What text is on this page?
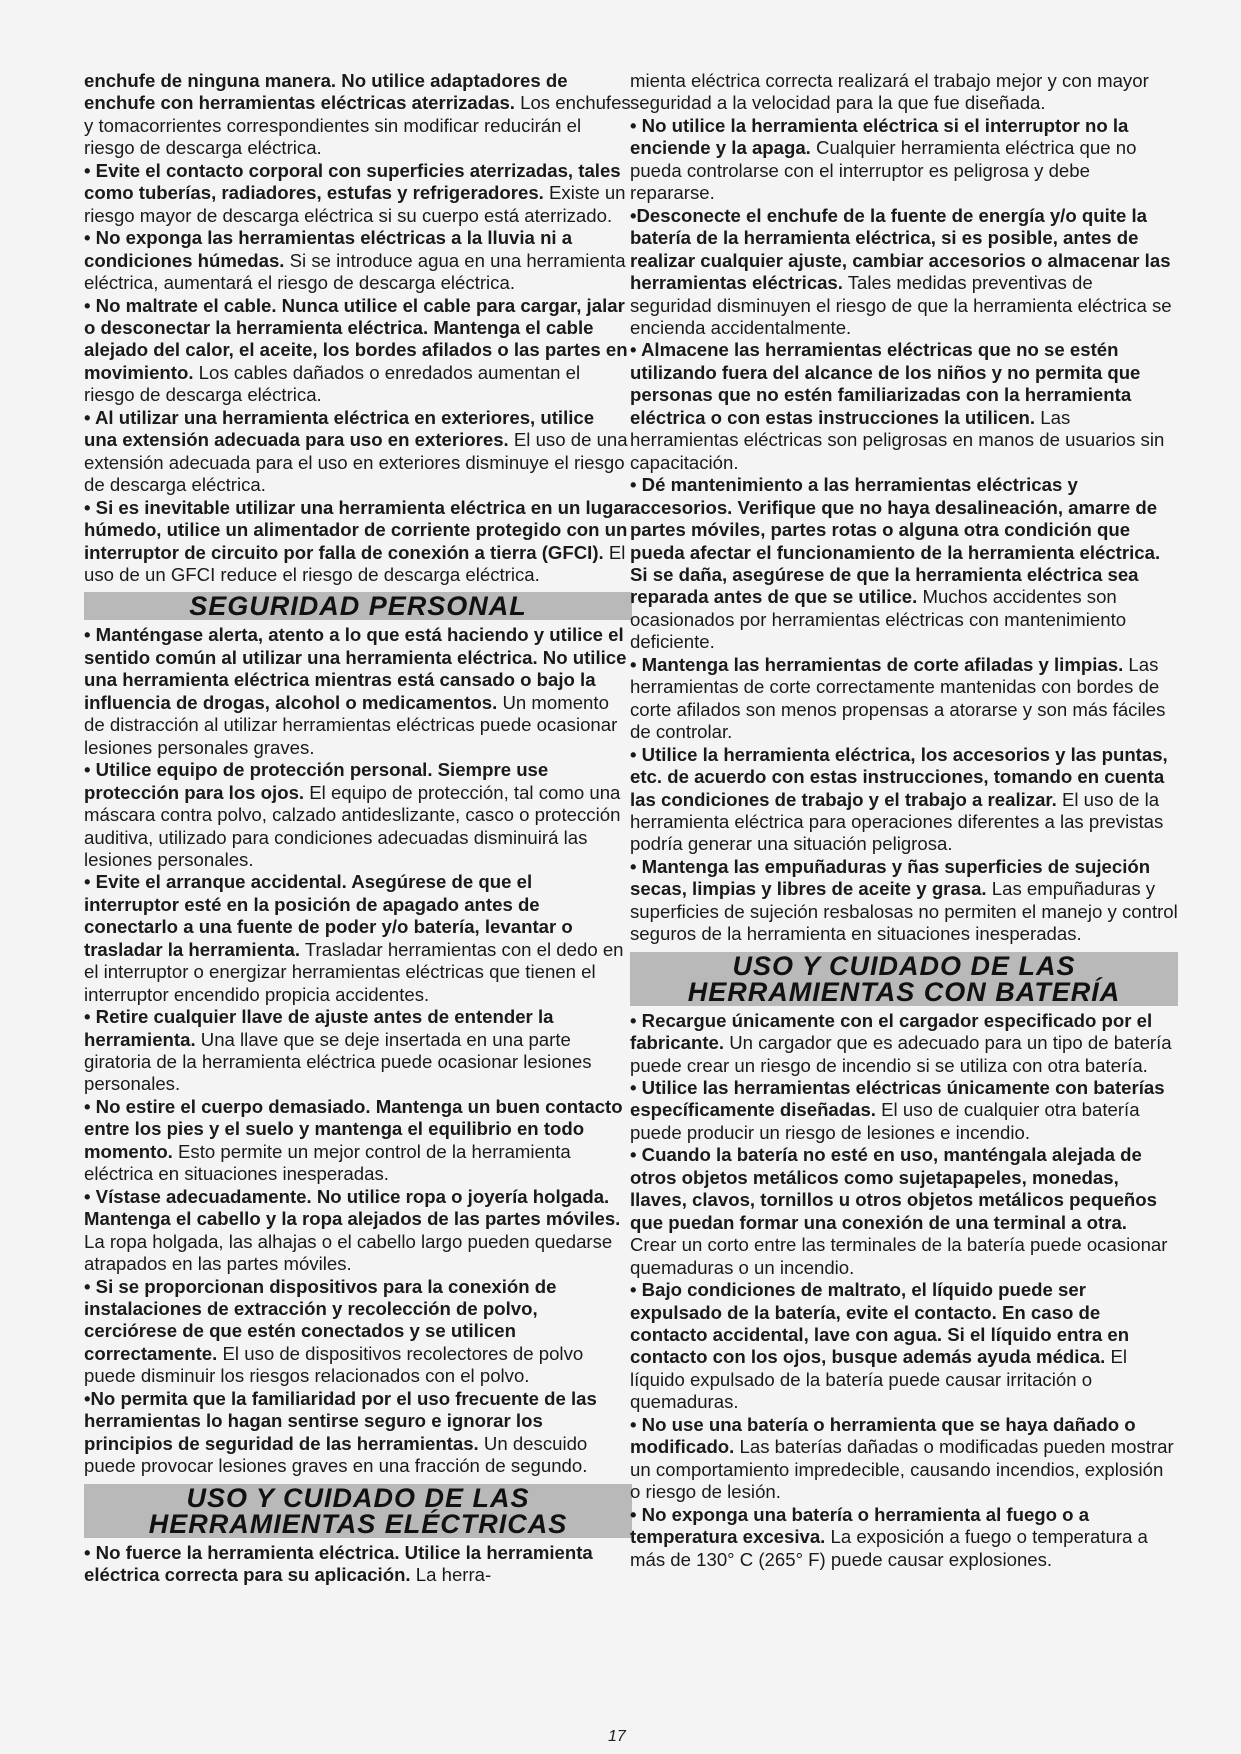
enchufe de ninguna manera. No utilice adaptadores de enchufe con herramientas eléctricas aterrizadas. Los enchufes y tomacorrientes correspondientes sin modificar reducirán el riesgo de descarga eléctrica.

• Evite el contacto corporal con superficies aterrizadas, tales como tuberías, radiadores, estufas y refrigeradores. Existe un riesgo mayor de descarga eléctrica si su cuerpo está aterrizado.

• No exponga las herramientas eléctricas a la lluvia ni a condiciones húmedas. Si se introduce agua en una herramienta eléctrica, aumentará el riesgo de descarga eléctrica.

• No maltrate el cable. Nunca utilice el cable para cargar, jalar o desconectar la herramienta eléctrica. Mantenga el cable alejado del calor, el aceite, los bordes afilados o las partes en movimiento. Los cables dañados o enredados aumentan el riesgo de descarga eléctrica.

• Al utilizar una herramienta eléctrica en exteriores, utilice una extensión adecuada para uso en exteriores. El uso de una extensión adecuada para el uso en exteriores disminuye el riesgo de descarga eléctrica.

• Si es inevitable utilizar una herramienta eléctrica en un lugar húmedo, utilice un alimentador de corriente protegido con un interruptor de circuito por falla de conexión a tierra (GFCI). El uso de un GFCI reduce el riesgo de descarga eléctrica.

SEGURIDAD PERSONAL

• Manténgase alerta, atento a lo que está haciendo y utilice el sentido común al utilizar una herramienta eléctrica. No utilice una herramienta eléctrica mientras está cansado o bajo la influencia de drogas, alcohol o medicamentos. Un momento de distracción al utilizar herramientas eléctricas puede ocasionar lesiones personales graves.

• Utilice equipo de protección personal. Siempre use protección para los ojos. El equipo de protección, tal como una máscara contra polvo, calzado antideslizante, casco o protección auditiva, utilizado para condiciones adecuadas disminuirá las lesiones personales.

• Evite el arranque accidental. Asegúrese de que el interruptor esté en la posición de apagado antes de conectarlo a una fuente de poder y/o batería, levantar o trasladar la herramienta. Trasladar herramientas con el dedo en el interruptor o energizar herramientas eléctricas que tienen el interruptor encendido propicia accidentes.

• Retire cualquier llave de ajuste antes de entender la herramienta. Una llave que se deje insertada en una parte giratoria de la herramienta eléctrica puede ocasionar lesiones personales.

• No estire el cuerpo demasiado. Mantenga un buen contacto entre los pies y el suelo y mantenga el equilibrio en todo momento. Esto permite un mejor control de la herramienta eléctrica en situaciones inesperadas.

• Vístase adecuadamente. No utilice ropa o joyería holgada. Mantenga el cabello y la ropa alejados de las partes móviles. La ropa holgada, las alhajas o el cabello largo pueden quedarse atrapados en las partes móviles.

• Si se proporcionan dispositivos para la conexión de instalaciones de extracción y recolección de polvo, cerciórese de que estén conectados y se utilicen correctamente. El uso de dispositivos recolectores de polvo puede disminuir los riesgos relacionados con el polvo.

•No permita que la familiaridad por el uso frecuente de las herramientas lo hagan sentirse seguro e ignorar los principios de seguridad de las herramientas. Un descuido puede provocar lesiones graves en una fracción de segundo.

USO Y CUIDADO DE LAS
HERRAMIENTAS ELÉCTRICAS

• No fuerce la herramienta eléctrica. Utilice la herramienta eléctrica correcta para su aplicación. La herra-

mienta eléctrica correcta realizará el trabajo mejor y con mayor seguridad a la velocidad para la que fue diseñada.

• No utilice la herramienta eléctrica si el interruptor no la enciende y la apaga. Cualquier herramienta eléctrica que no pueda controlarse con el interruptor es peligrosa y debe repararse.

•Desconecte el enchufe de la fuente de energía y/o quite la batería de la herramienta eléctrica, si es posible, antes de realizar cualquier ajuste, cambiar accesorios o almacenar las herramientas eléctricas. Tales medidas preventivas de seguridad disminuyen el riesgo de que la herramienta eléctrica se encienda accidentalmente.

• Almacene las herramientas eléctricas que no se estén utilizando fuera del alcance de los niños y no permita que personas que no estén familiarizadas con la herramienta eléctrica o con estas instrucciones la utilicen. Las herramientas eléctricas son peligrosas en manos de usuarios sin capacitación.

• Dé mantenimiento a las herramientas eléctricas y accesorios. Verifique que no haya desalineación, amarre de partes móviles, partes rotas o alguna otra condición que pueda afectar el funcionamiento de la herramienta eléctrica. Si se daña, asegúrese de que la herramienta eléctrica sea reparada antes de que se utilice. Muchos accidentes son ocasionados por herramientas eléctricas con mantenimiento deficiente.

• Mantenga las herramientas de corte afiladas y limpias. Las herramientas de corte correctamente mantenidas con bordes de corte afilados son menos propensas a atorarse y son más fáciles de controlar.

• Utilice la herramienta eléctrica, los accesorios y las puntas, etc. de acuerdo con estas instrucciones, tomando en cuenta las condiciones de trabajo y el trabajo a realizar. El uso de la herramienta eléctrica para operaciones diferentes a las previstas podría generar una situación peligrosa.

• Mantenga las empuñaduras y ñas superficies de sujeción secas, limpias y libres de aceite y grasa. Las empuñaduras y superficies de sujeción resbalosas no permiten el manejo y control seguros de la herramienta en situaciones inesperadas.

USO Y CUIDADO DE LAS
HERRAMIENTAS CON BATERÍA

• Recargue únicamente con el cargador especificado por el fabricante. Un cargador que es adecuado para un tipo de batería puede crear un riesgo de incendio si se utiliza con otra batería.

• Utilice las herramientas eléctricas únicamente con baterías específicamente diseñadas. El uso de cualquier otra batería puede producir un riesgo de lesiones e incendio.

• Cuando la batería no esté en uso, manténgala alejada de otros objetos metálicos como sujetapapeles, monedas, llaves, clavos, tornillos u otros objetos metálicos pequeños que puedan formar una conexión de una terminal a otra. Crear un corto entre las terminales de la batería puede ocasionar quemaduras o un incendio.

• Bajo condiciones de maltrato, el líquido puede ser expulsado de la batería, evite el contacto. En caso de contacto accidental, lave con agua. Si el líquido entra en contacto con los ojos, busque además ayuda médica. El líquido expulsado de la batería puede causar irritación o quemaduras.

• No use una batería o herramienta que se haya dañado o modificado. Las baterías dañadas o modificadas pueden mostrar un comportamiento impredecible, causando incendios, explosión o riesgo de lesión.

• No exponga una batería o herramienta al fuego o a temperatura excesiva. La exposición a fuego o temperatura a más de 130° C (265° F) puede causar explosiones.

17
